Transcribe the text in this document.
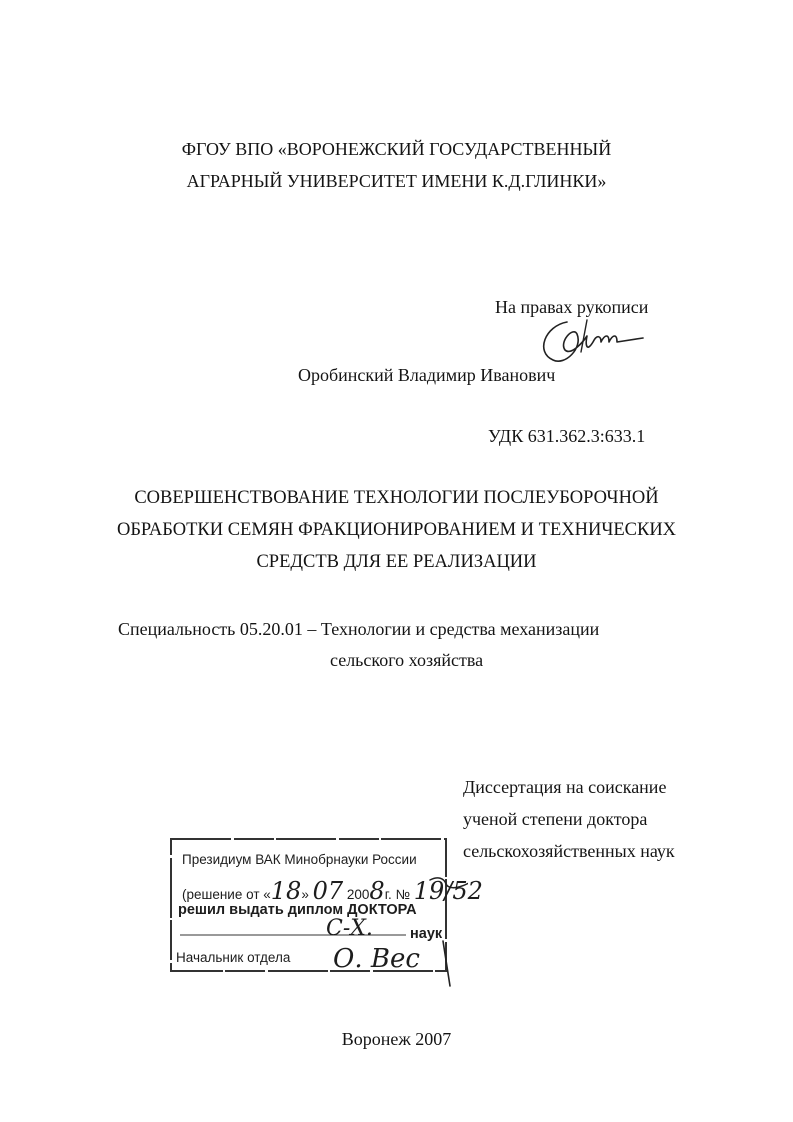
ФГОУ ВПО «ВОРОНЕЖСКИЙ ГОСУДАРСТВЕННЫЙ
АГРАРНЫЙ УНИВЕРСИТЕТ ИМЕНИ К.Д.ГЛИНКИ»
На правах рукописи
Оробинский Владимир Иванович
УДК 631.362.3:633.1
СОВЕРШЕНСТВОВАНИЕ ТЕХНОЛОГИИ ПОСЛЕУБОРОЧНОЙ
ОБРАБОТКИ СЕМЯН ФРАКЦИОНИРОВАНИЕМ И ТЕХНИЧЕСКИХ
СРЕДСТВ ДЛЯ ЕЕ РЕАЛИЗАЦИИ
Специальность 05.20.01 – Технологии и средства механизации
сельского хозяйства
Диссертация на соискание
ученой степени доктора
сельскохозяйственных наук
Президиум ВАК Минобрнауки России
(решение от «18» 07 2008г. № 19/52
решил выдать диплом ДОКТОРА
С-Х.	наук
Начальник отдела О. Вес
Воронеж 2007
